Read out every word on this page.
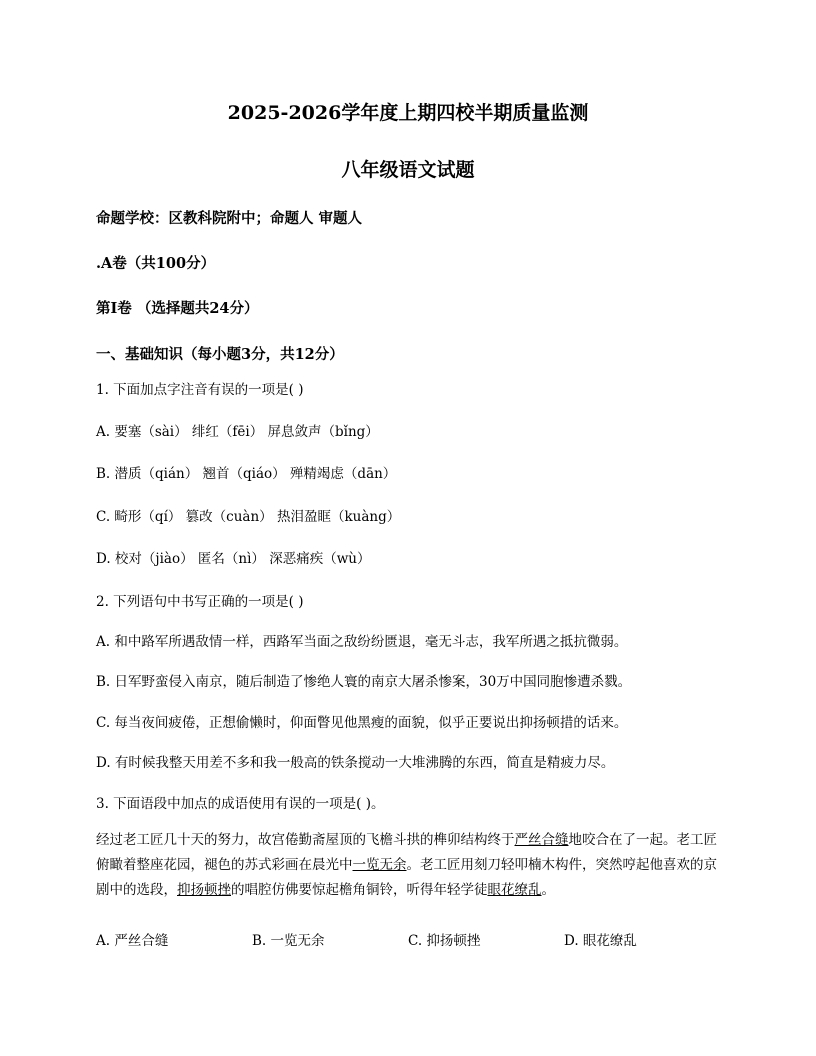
2025-2026学年度上期四校半期质量监测
八年级语文试题
命题学校：区教科院附中；命题人 审题人
.A卷（共100分）
第I卷 （选择题共24分）
一、基础知识（每小题3分，共12分）
1. 下面加点字注音有误的一项是( )
A. 要塞（sài） 绯红（fēi） 屏息敛声（bǐng）
B. 潜质（qián） 翘首（qiáo） 殚精竭虑（dān）
C. 畸形（qí） 篡改（cuàn） 热泪盈眶（kuàng）
D. 校对（jiào） 匿名（nì） 深恶痛疾（wù）
2. 下列语句中书写正确的一项是( )
A. 和中路军所遇敌情一样，西路军当面之敌纷纷匮退，毫无斗志，我军所遇之抵抗微弱。
B. 日军野蛮侵入南京，随后制造了惨绝人寰的南京大屠杀惨案，30万中国同胞惨遭杀戮。
C. 每当夜间疲倦，正想偷懒时，仰面瞥见他黑瘦的面貌，似乎正要说出抑扬顿措的话来。
D. 有时候我整天用差不多和我一般高的铁条搅动一大堆沸腾的东西，简直是精疲力尽。
3. 下面语段中加点的成语使用有误的一项是( )。
经过老工匠几十天的努力，故宫倦勤斋屋顶的飞檐斗拱的榫卯结构终于严丝合缝地咬合在了一起。老工匠俯瞰着整座花园，褪色的苏式彩画在晨光中一览无余。老工匠用刻刀轻叩楠木构件，突然哼起他喜欢的京剧中的选段，抑扬顿挫的唱腔仿佛要惊起檐角铜铃，听得年轻学徒眼花缭乱。
A. 严丝合缝	B. 一览无余	C. 抑扬顿挫	D. 眼花缭乱
